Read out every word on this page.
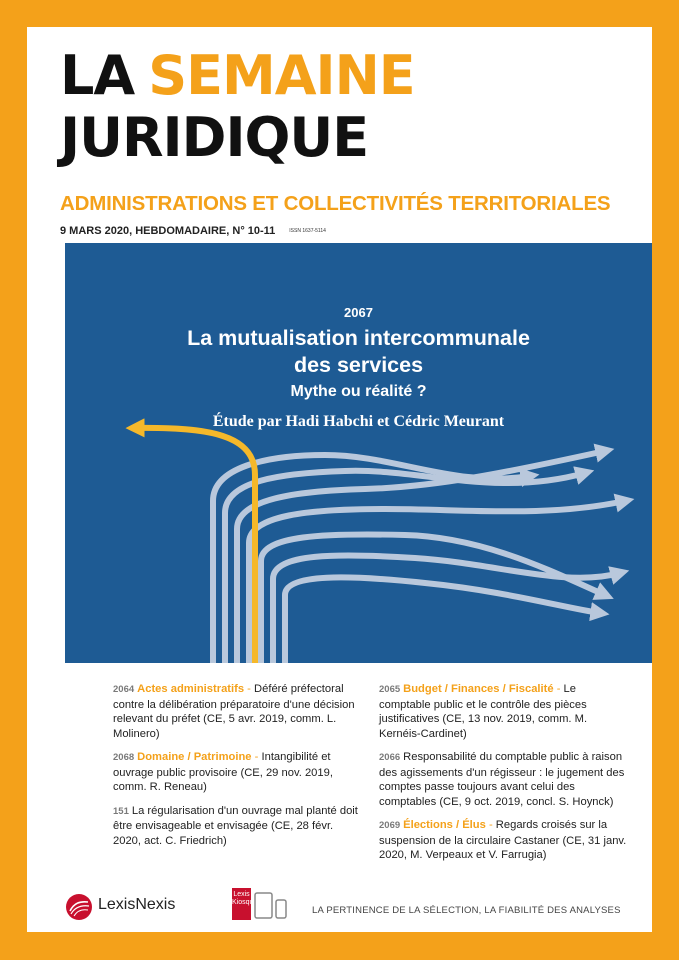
LA SEMAINE
JURIDIQUE
ADMINISTRATIONS ET COLLECTIVITÉS TERRITORIALES
9 MARS 2020, HEBDOMADAIRE, N° 10-11	ISSN 1637-5114
2067
La mutualisation intercommunale
des services
Mythe ou réalité ?
Étude par Hadi Habchi et Cédric Meurant
2064 Actes administratifs - Déféré préfectoral contre la délibération préparatoire d'une décision relevant du préfet (CE, 5 avr. 2019, comm. L. Molinero)
2068 Domaine / Patrimoine - Intangibilité et ouvrage public provisoire (CE, 29 nov. 2019, comm. R. Reneau)
151 La régularisation d'un ouvrage mal planté doit être envisageable et envisagée (CE, 28 févr. 2020, act. C. Friedrich)
2065 Budget / Finances / Fiscalité - Le comptable public et le contrôle des pièces justificatives (CE, 13 nov. 2019, comm. M. Kernéis-Cardinet)
2066 Responsabilité du comptable public à raison des agissements d'un régisseur : le jugement des comptes passe toujours avant celui des comptables (CE, 9 oct. 2019, concl. S. Hoynck)
2069 Élections / Élus - Regards croisés sur la suspension de la circulaire Castaner (CE, 31 janv. 2020, M. Verpeaux et V. Farrugia)
LexisNexis
Lexis
Kiosque
LA PERTINENCE DE LA SÉLECTION, LA FIABILITÉ DES ANALYSES
